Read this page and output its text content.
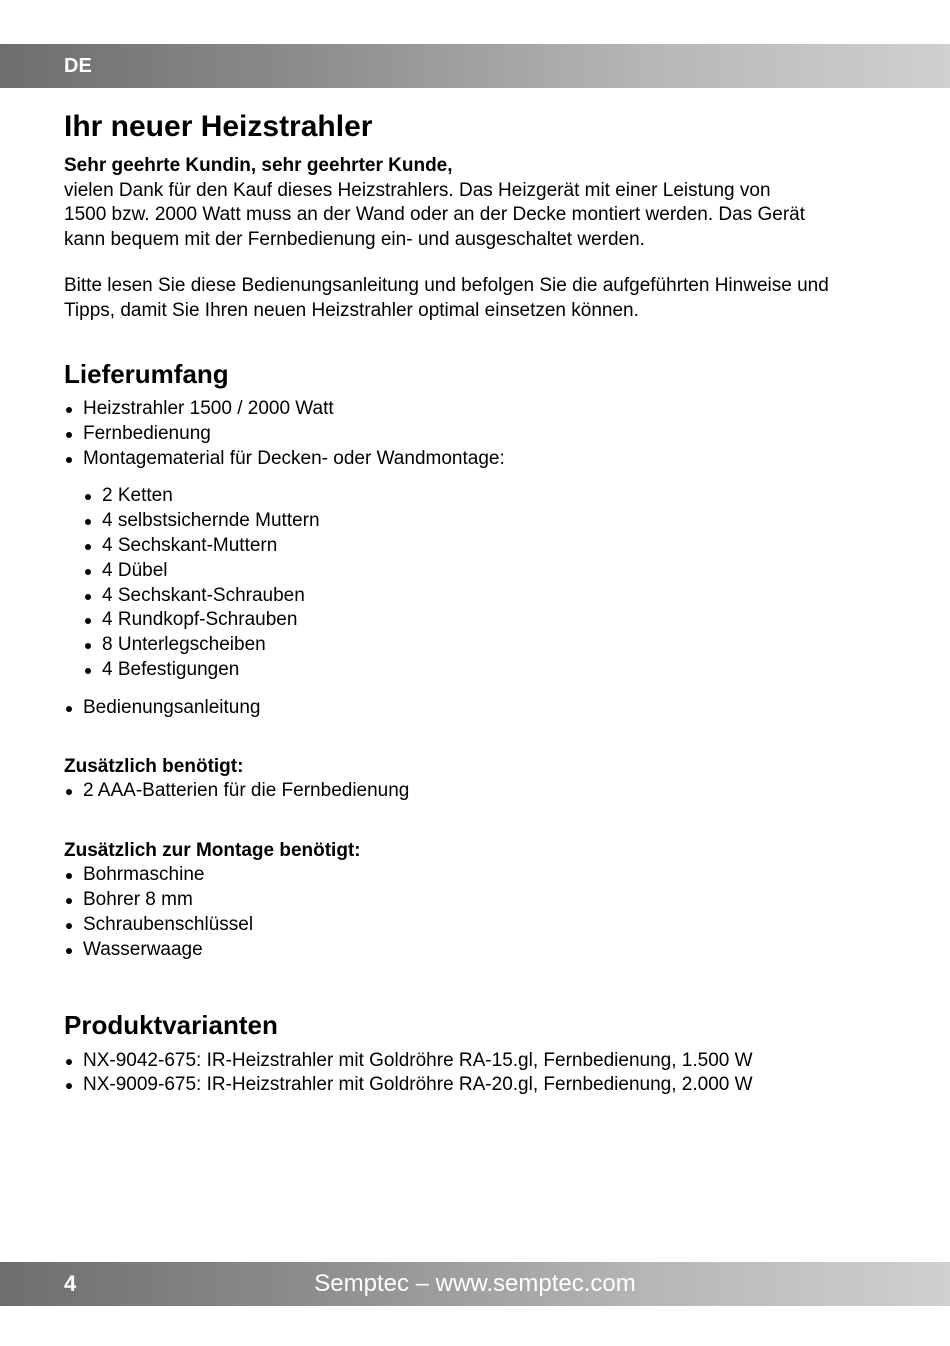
DE
Ihr neuer Heizstrahler

Sehr geehrte Kundin, sehr geehrter Kunde,

vielen Dank für den Kauf dieses Heizstrahlers. Das Heizgerät mit einer Leistung von

1500 bzw. 2000 Watt muss an der Wand oder an der Decke montiert werden. Das Gerät

kann bequem mit der Fernbedienung ein- und ausgeschaltet werden.

Bitte lesen Sie diese Bedienungsanleitung und befolgen Sie die aufgeführten Hinweise und

Tipps, damit Sie Ihren neuen Heizstrahler optimal einsetzen können.

Lieferumfang
Heizstrahler 1500 / 2000 Watt
Fernbedienung
Montagematerial für Decken- oder Wandmontage:
2 Ketten
4 selbstsichernde Muttern
4 Sechskant-Muttern
4 Dübel
4 Sechskant-Schrauben
4 Rundkopf-Schrauben
8 Unterlegscheiben
4 Befestigungen
Bedienungsanleitung

Zusätzlich benötigt:

2 AAA-Batterien für die Fernbedienung

Zusätzlich zur Montage benötigt:

Bohrmaschine
Bohrer 8 mm
Schraubenschlüssel
Wasserwaage
Produktvarianten
NX-9042-675: IR-Heizstrahler mit Goldröhre RA-15.gl, Fernbedienung, 1.500 W
NX-9009-675: IR-Heizstrahler mit Goldröhre RA-20.gl, Fernbedienung, 2.000 W
4	Semptec – www.semptec.com
